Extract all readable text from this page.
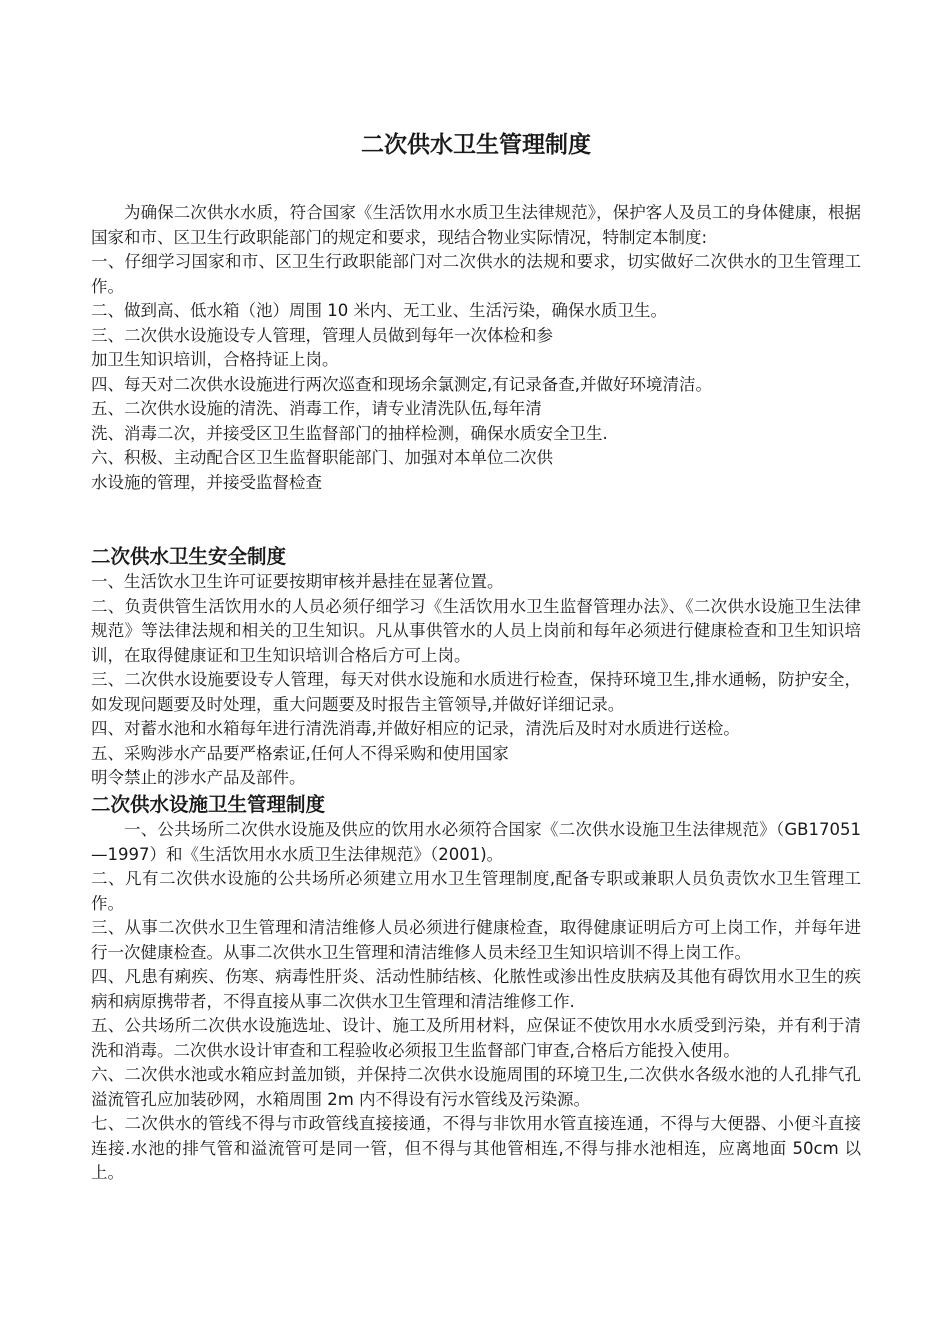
二次供水卫生管理制度

为确保二次供水水质，符合国家《生活饮用水水质卫生法律规范》，保护客人及员工的身体健康，根据国家和市、区卫生行政职能部门的规定和要求，现结合物业实际情况，特制定本制度:

一、仔细学习国家和市、区卫生行政职能部门对二次供水的法规和要求，切实做好二次供水的卫生管理工作。

二、做到高、低水箱（池）周围 10 米内、无工业、生活污染，确保水质卫生。

三、二次供水设施设专人管理，管理人员做到每年一次体检和参

加卫生知识培训，合格持证上岗。

四、每天对二次供水设施进行两次巡查和现场余氯测定,有记录备查,并做好环境清洁。

五、二次供水设施的清洗、消毒工作，请专业清洗队伍,每年清

洗、消毒二次，并接受区卫生监督部门的抽样检测，确保水质安全卫生.

六、积极、主动配合区卫生监督职能部门、加强对本单位二次供

水设施的管理，并接受监督检查

二次供水卫生安全制度

一、生活饮水卫生许可证要按期审核并悬挂在显著位置。

二、负责供管生活饮用水的人员必须仔细学习《生活饮用水卫生监督管理办法》、《二次供水设施卫生法律规范》等法律法规和相关的卫生知识。凡从事供管水的人员上岗前和每年必须进行健康检查和卫生知识培训，在取得健康证和卫生知识培训合格后方可上岗。

三、二次供水设施要设专人管理，每天对供水设施和水质进行检查，保持环境卫生,排水通畅，防护安全，如发现问题要及时处理，重大问题要及时报告主管领导,并做好详细记录。

四、对蓄水池和水箱每年进行清洗消毒,并做好相应的记录，清洗后及时对水质进行送检。

五、采购涉水产品要严格索证,任何人不得采购和使用国家

明令禁止的涉水产品及部件。

二次供水设施卫生管理制度

一、公共场所二次供水设施及供应的饮用水必须符合国家《二次供水设施卫生法律规范》（GB17051—1997）和《生活饮用水水质卫生法律规范》（2001)。

二、凡有二次供水设施的公共场所必须建立用水卫生管理制度,配备专职或兼职人员负责饮水卫生管理工作。

三、从事二次供水卫生管理和清洁维修人员必须进行健康检查，取得健康证明后方可上岗工作，并每年进行一次健康检查。从事二次供水卫生管理和清洁维修人员未经卫生知识培训不得上岗工作。

四、凡患有痢疾、伤寒、病毒性肝炎、活动性肺结核、化脓性或渗出性皮肤病及其他有碍饮用水卫生的疾病和病原携带者，不得直接从事二次供水卫生管理和清洁维修工作.

五、公共场所二次供水设施选址、设计、施工及所用材料，应保证不使饮用水水质受到污染，并有利于清洗和消毒。二次供水设计审查和工程验收必须报卫生监督部门审查,合格后方能投入使用。

六、二次供水池或水箱应封盖加锁，并保持二次供水设施周围的环境卫生,二次供水各级水池的人孔排气孔溢流管孔应加装砂网，水箱周围 2m 内不得设有污水管线及污染源。

七、二次供水的管线不得与市政管线直接接通，不得与非饮用水管直接连通，不得与大便器、小便斗直接连接.水池的排气管和溢流管可是同一管，但不得与其他管相连,不得与排水池相连，应离地面 50cm 以上。
